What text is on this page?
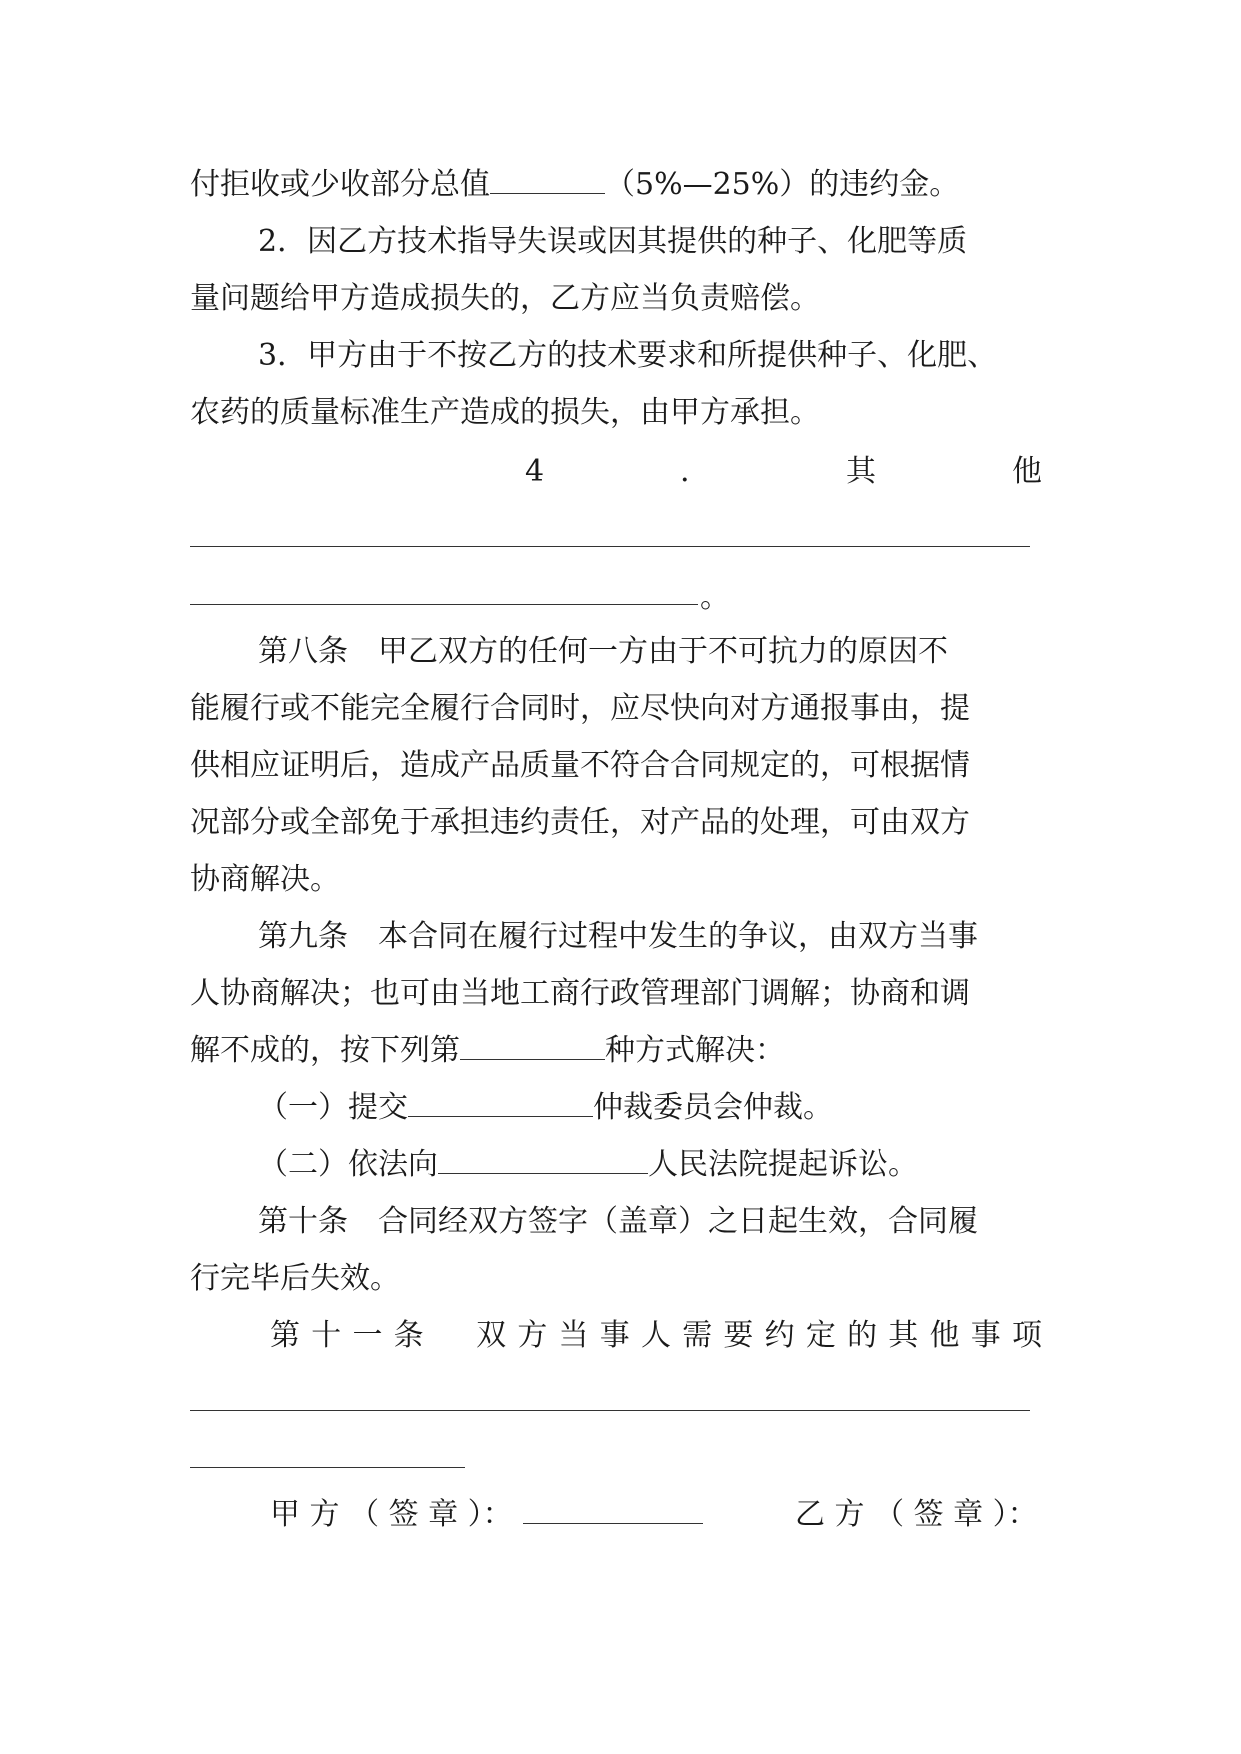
付拒收或少收部分总值	（5%—25%）的违约金。

2．因乙方技术指导失误或因其提供的种子、化肥等质

量问题给甲方造成损失的，乙方应当负责赔偿。

3．甲方由于不按乙方的技术要求和所提供种子、化肥、

农药的质量标准生产造成的损失，由甲方承担。

4	．	其	他
。

第八条　甲乙双方的任何一方由于不可抗力的原因不

能履行或不能完全履行合同时，应尽快向对方通报事由，提

供相应证明后，造成产品质量不符合合同规定的，可根据情

况部分或全部免于承担违约责任，对产品的处理，可由双方

协商解决。

第九条　本合同在履行过程中发生的争议，由双方当事

人协商解决；也可由当地工商行政管理部门调解；协商和调

解不成的，按下列第	种方式解决：

（一）提交	仲裁委员会仲裁。

（二）依法向	人民法院提起诉讼。

第十条　合同经双方签字（盖章）之日起生效，合同履

行完毕后失效。

第 十 一 条
　 双 方 当 事 人 需 要 约 定 的 其 他 事 项

甲 方 （ 签 章 ）：	乙 方 （ 签 章 ）：
